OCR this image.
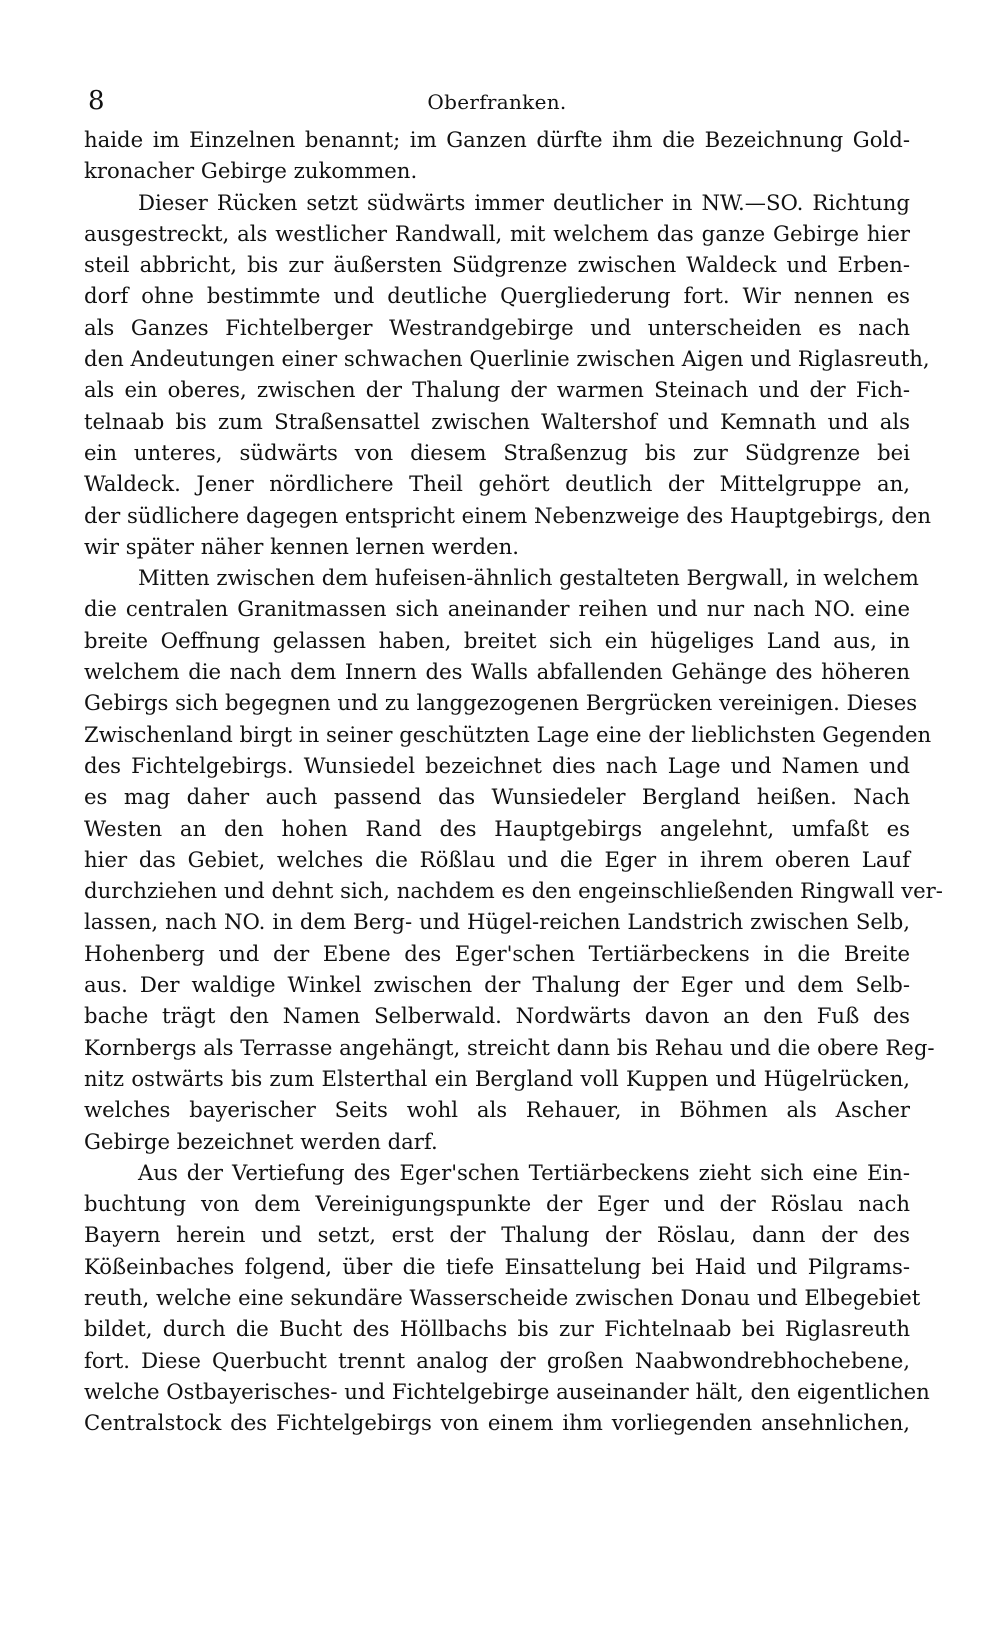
8	Oberfranken.
haide im Einzelnen benannt; im Ganzen dürfte ihm die Bezeichnung Gold-
kronacher Gebirge zukommen.
Dieser Rücken setzt südwärts immer deutlicher in NW.—SO. Richtung
ausgestreckt, als westlicher Randwall, mit welchem das ganze Gebirge hier
steil abbricht, bis zur äußersten Südgrenze zwischen Waldeck und Erben-
dorf ohne bestimmte und deutliche Quergliederung fort. Wir nennen es
als Ganzes Fichtelberger Westrandgebirge und unterscheiden es nach
den Andeutungen einer schwachen Querlinie zwischen Aigen und Riglasreuth,
als ein oberes, zwischen der Thalung der warmen Steinach und der Fich-
telnaab bis zum Straßensattel zwischen Waltershof und Kemnath und als
ein unteres, südwärts von diesem Straßenzug bis zur Südgrenze bei
Waldeck. Jener nördlichere Theil gehört deutlich der Mittelgruppe an,
der südlichere dagegen entspricht einem Nebenzweige des Hauptgebirgs, den
wir später näher kennen lernen werden.
Mitten zwischen dem hufeisen-ähnlich gestalteten Bergwall, in welchem
die centralen Granitmassen sich aneinander reihen und nur nach NO. eine
breite Oeffnung gelassen haben, breitet sich ein hügeliges Land aus, in
welchem die nach dem Innern des Walls abfallenden Gehänge des höheren
Gebirgs sich begegnen und zu langgezogenen Bergrücken vereinigen. Dieses
Zwischenland birgt in seiner geschützten Lage eine der lieblichsten Gegenden
des Fichtelgebirgs. Wunsiedel bezeichnet dies nach Lage und Namen und
es mag daher auch passend das Wunsiedeler Bergland heißen. Nach
Westen an den hohen Rand des Hauptgebirgs angelehnt, umfaßt es
hier das Gebiet, welches die Rößlau und die Eger in ihrem oberen Lauf
durchziehen und dehnt sich, nachdem es den engeinschließenden Ringwall ver-
lassen, nach NO. in dem Berg- und Hügel-reichen Landstrich zwischen Selb,
Hohenberg und der Ebene des Eger'schen Tertiärbeckens in die Breite
aus. Der waldige Winkel zwischen der Thalung der Eger und dem Selb-
bache trägt den Namen Selberwald. Nordwärts davon an den Fuß des
Kornbergs als Terrasse angehängt, streicht dann bis Rehau und die obere Reg-
nitz ostwärts bis zum Elsterthal ein Bergland voll Kuppen und Hügelrücken,
welches bayerischer Seits wohl als Rehauer, in Böhmen als Ascher
Gebirge bezeichnet werden darf.
Aus der Vertiefung des Eger'schen Tertiärbeckens zieht sich eine Ein-
buchtung von dem Vereinigungspunkte der Eger und der Röslau nach
Bayern herein und setzt, erst der Thalung der Röslau, dann der des
Kößeinbaches folgend, über die tiefe Einsattelung bei Haid und Pilgrams-
reuth, welche eine sekundäre Wasserscheide zwischen Donau und Elbegebiet
bildet, durch die Bucht des Höllbachs bis zur Fichtelnaab bei Riglasreuth
fort. Diese Querbucht trennt analog der großen Naabwondrebhochebene,
welche Ostbayerisches- und Fichtelgebirge auseinander hält, den eigentlichen
Centralstock des Fichtelgebirgs von einem ihm vorliegenden ansehnlichen,
